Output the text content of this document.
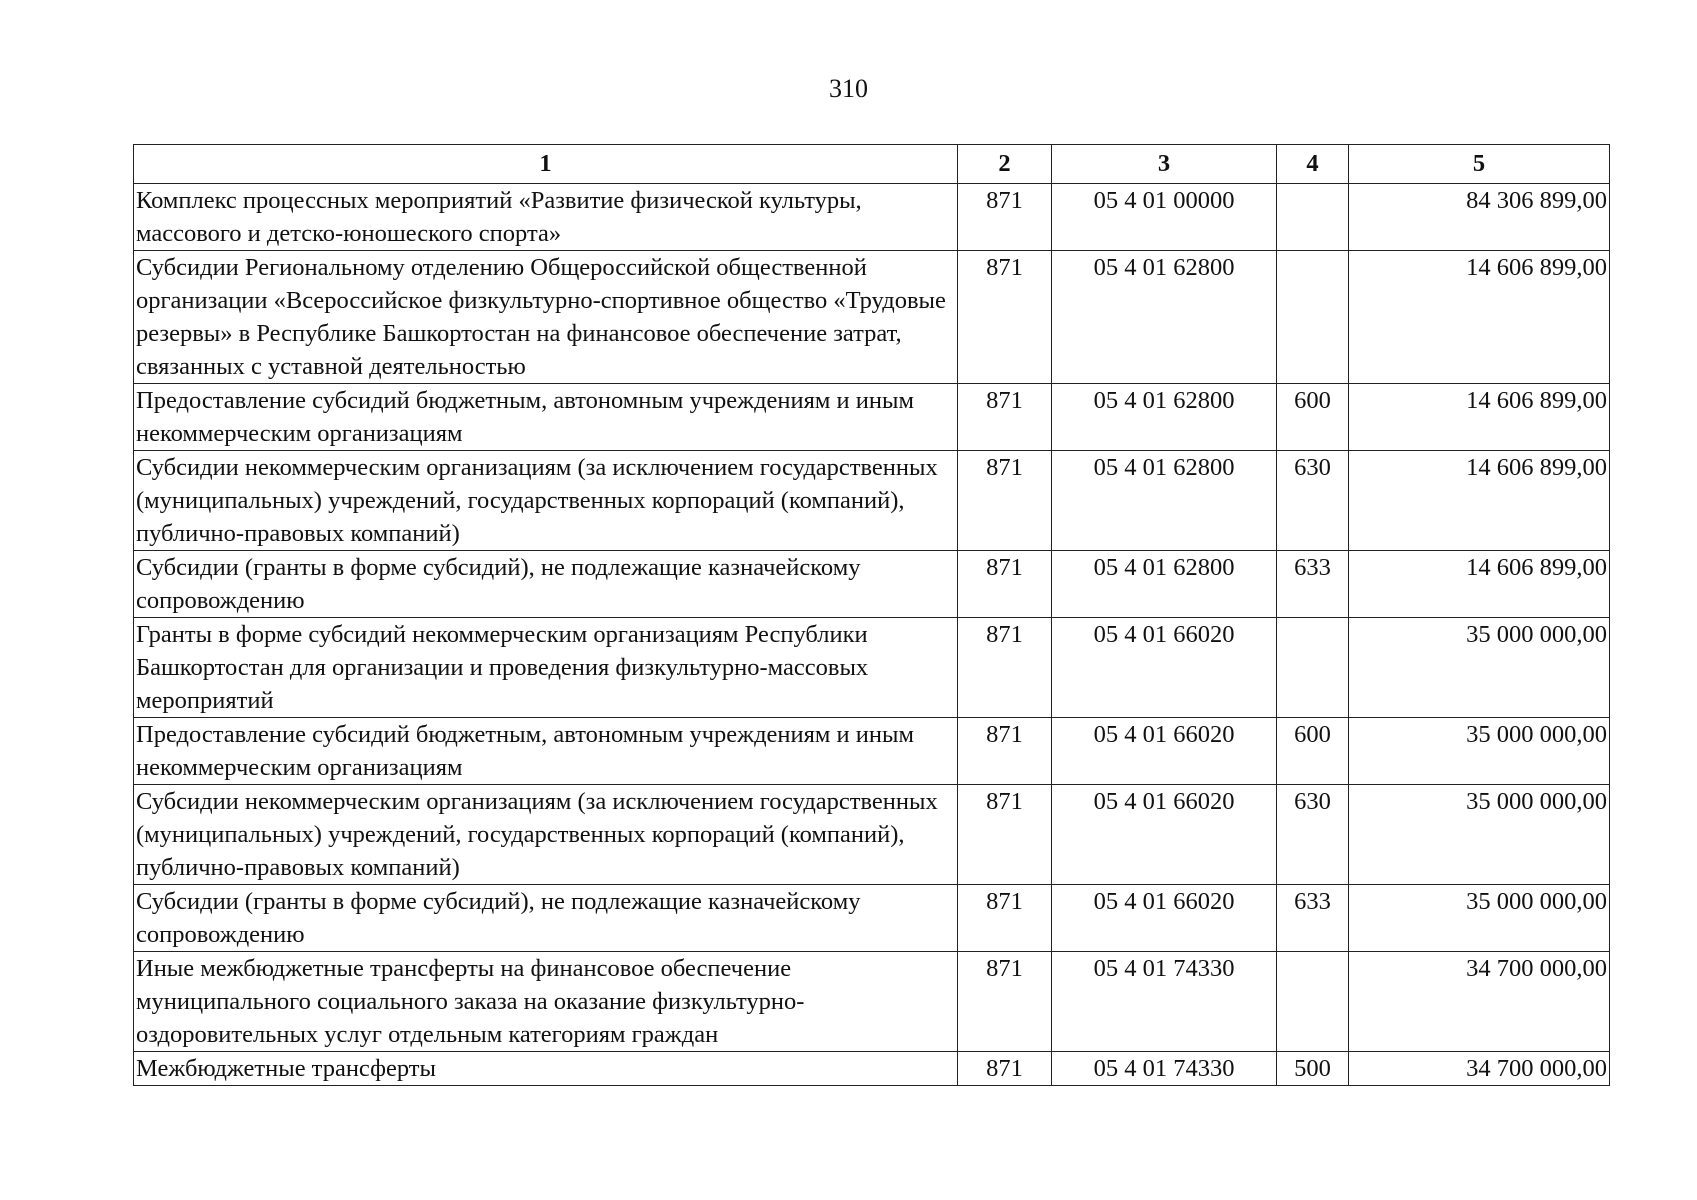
310
1	2	3	4	5
Комплекс процессных мероприятий «Развитие физической культуры, массового и детско-юношеского спорта»	871	05 4 01 00000		84 306 899,00
Субсидии Региональному отделению Общероссийской общественной организации «Всероссийское физкультурно-спортивное общество «Трудовые резервы» в Республике Башкортостан на финансовое обеспечение затрат, связанных с уставной деятельностью	871	05 4 01 62800		14 606 899,00
Предоставление субсидий бюджетным, автономным учреждениям и иным некоммерческим организациям	871	05 4 01 62800	600	14 606 899,00
Субсидии некоммерческим организациям (за исключением государственных (муниципальных) учреждений, государственных корпораций (компаний), публично-правовых компаний)	871	05 4 01 62800	630	14 606 899,00
Субсидии (гранты в форме субсидий), не подлежащие казначейскому сопровождению	871	05 4 01 62800	633	14 606 899,00
Гранты в форме субсидий некоммерческим организациям Республики Башкортостан для организации и проведения физкультурно-массовых мероприятий	871	05 4 01 66020		35 000 000,00
Предоставление субсидий бюджетным, автономным учреждениям и иным некоммерческим организациям	871	05 4 01 66020	600	35 000 000,00
Субсидии некоммерческим организациям (за исключением государственных (муниципальных) учреждений, государственных корпораций (компаний), публично-правовых компаний)	871	05 4 01 66020	630	35 000 000,00
Субсидии (гранты в форме субсидий), не подлежащие казначейскому сопровождению	871	05 4 01 66020	633	35 000 000,00
Иные межбюджетные трансферты на финансовое обеспечение муниципального социального заказа на оказание физкультурно-оздоровительных услуг отдельным категориям граждан	871	05 4 01 74330		34 700 000,00
Межбюджетные трансферты	871	05 4 01 74330	500	34 700 000,00
